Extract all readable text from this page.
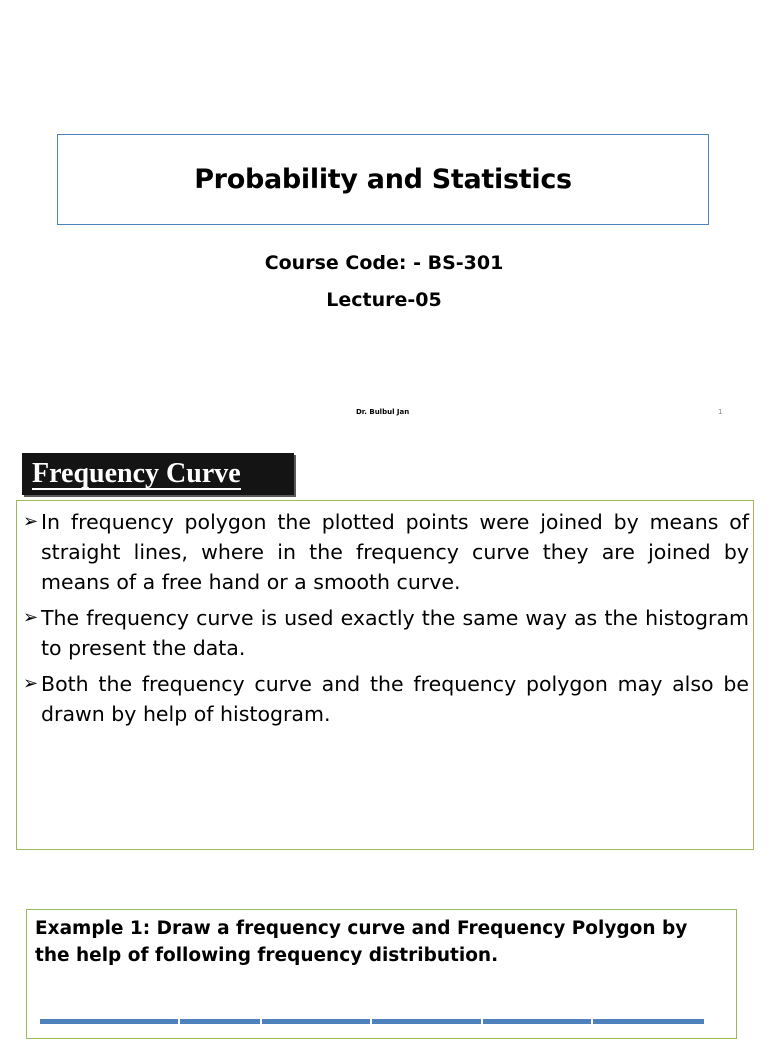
Probability and Statistics
Course Code: - BS-301
Lecture-05
Dr. Bulbul Jan	1
Frequency Curve
➢ In frequency polygon the plotted points were joined by means of straight lines, where in the frequency curve they are joined by means of a free hand or a smooth curve.
➢ The frequency curve is used exactly the same way as the histogram to present the data.
➢ Both the frequency curve and the frequency polygon may also be drawn by help of histogram.
Example 1: Draw a frequency curve and Frequency Polygon by the help of following frequency distribution.
